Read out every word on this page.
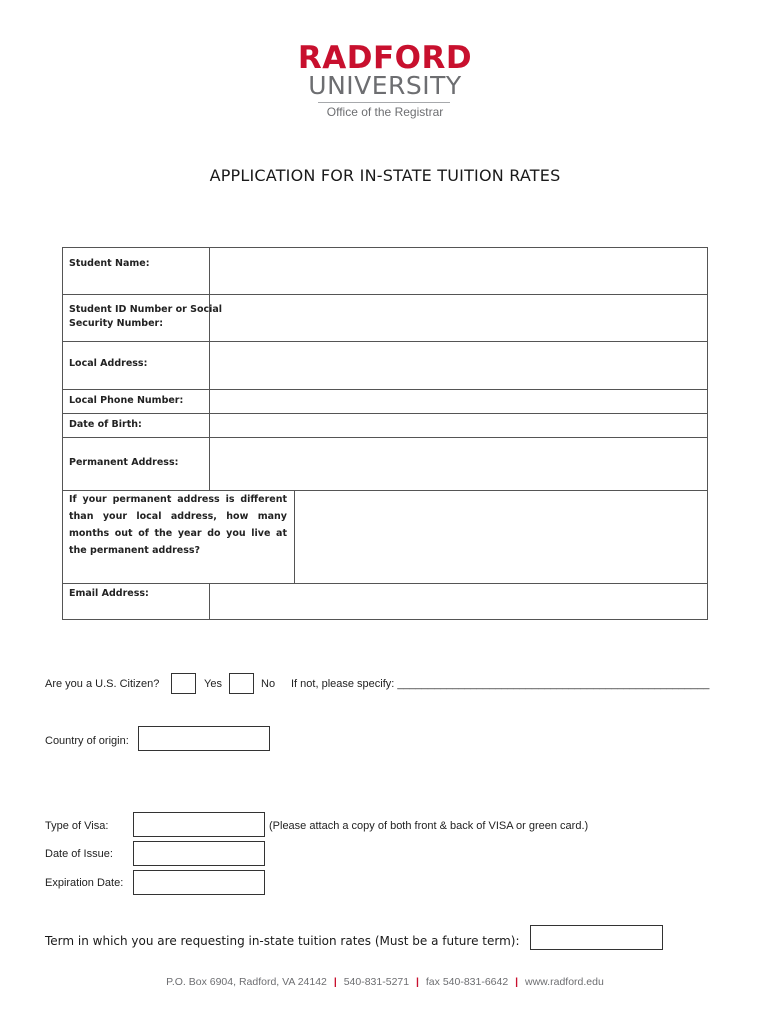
RADFORD
UNIVERSITY
Office of the Registrar
APPLICATION FOR IN-STATE TUITION RATES
Student Name:
Student ID Number or Social
Security Number:
Local Address:
Local Phone Number:
Date of Birth:
Permanent Address:
If your permanent address is different than your local address, how many months out of the year do you live at the permanent address?
Email Address:
Are you a U.S. Citizen?	Yes	No If not, please specify: ___________________________________________________
Country of origin:
Type of Visa:	(Please attach a copy of both front & back of VISA or green card.)
Date of Issue:
Expiration Date:
Term in which you are requesting in-state tuition rates (Must be a future term):
P.O. Box 6904, Radford, VA 24142 | 540-831-5271 | fax 540-831-6642 | www.radford.edu
